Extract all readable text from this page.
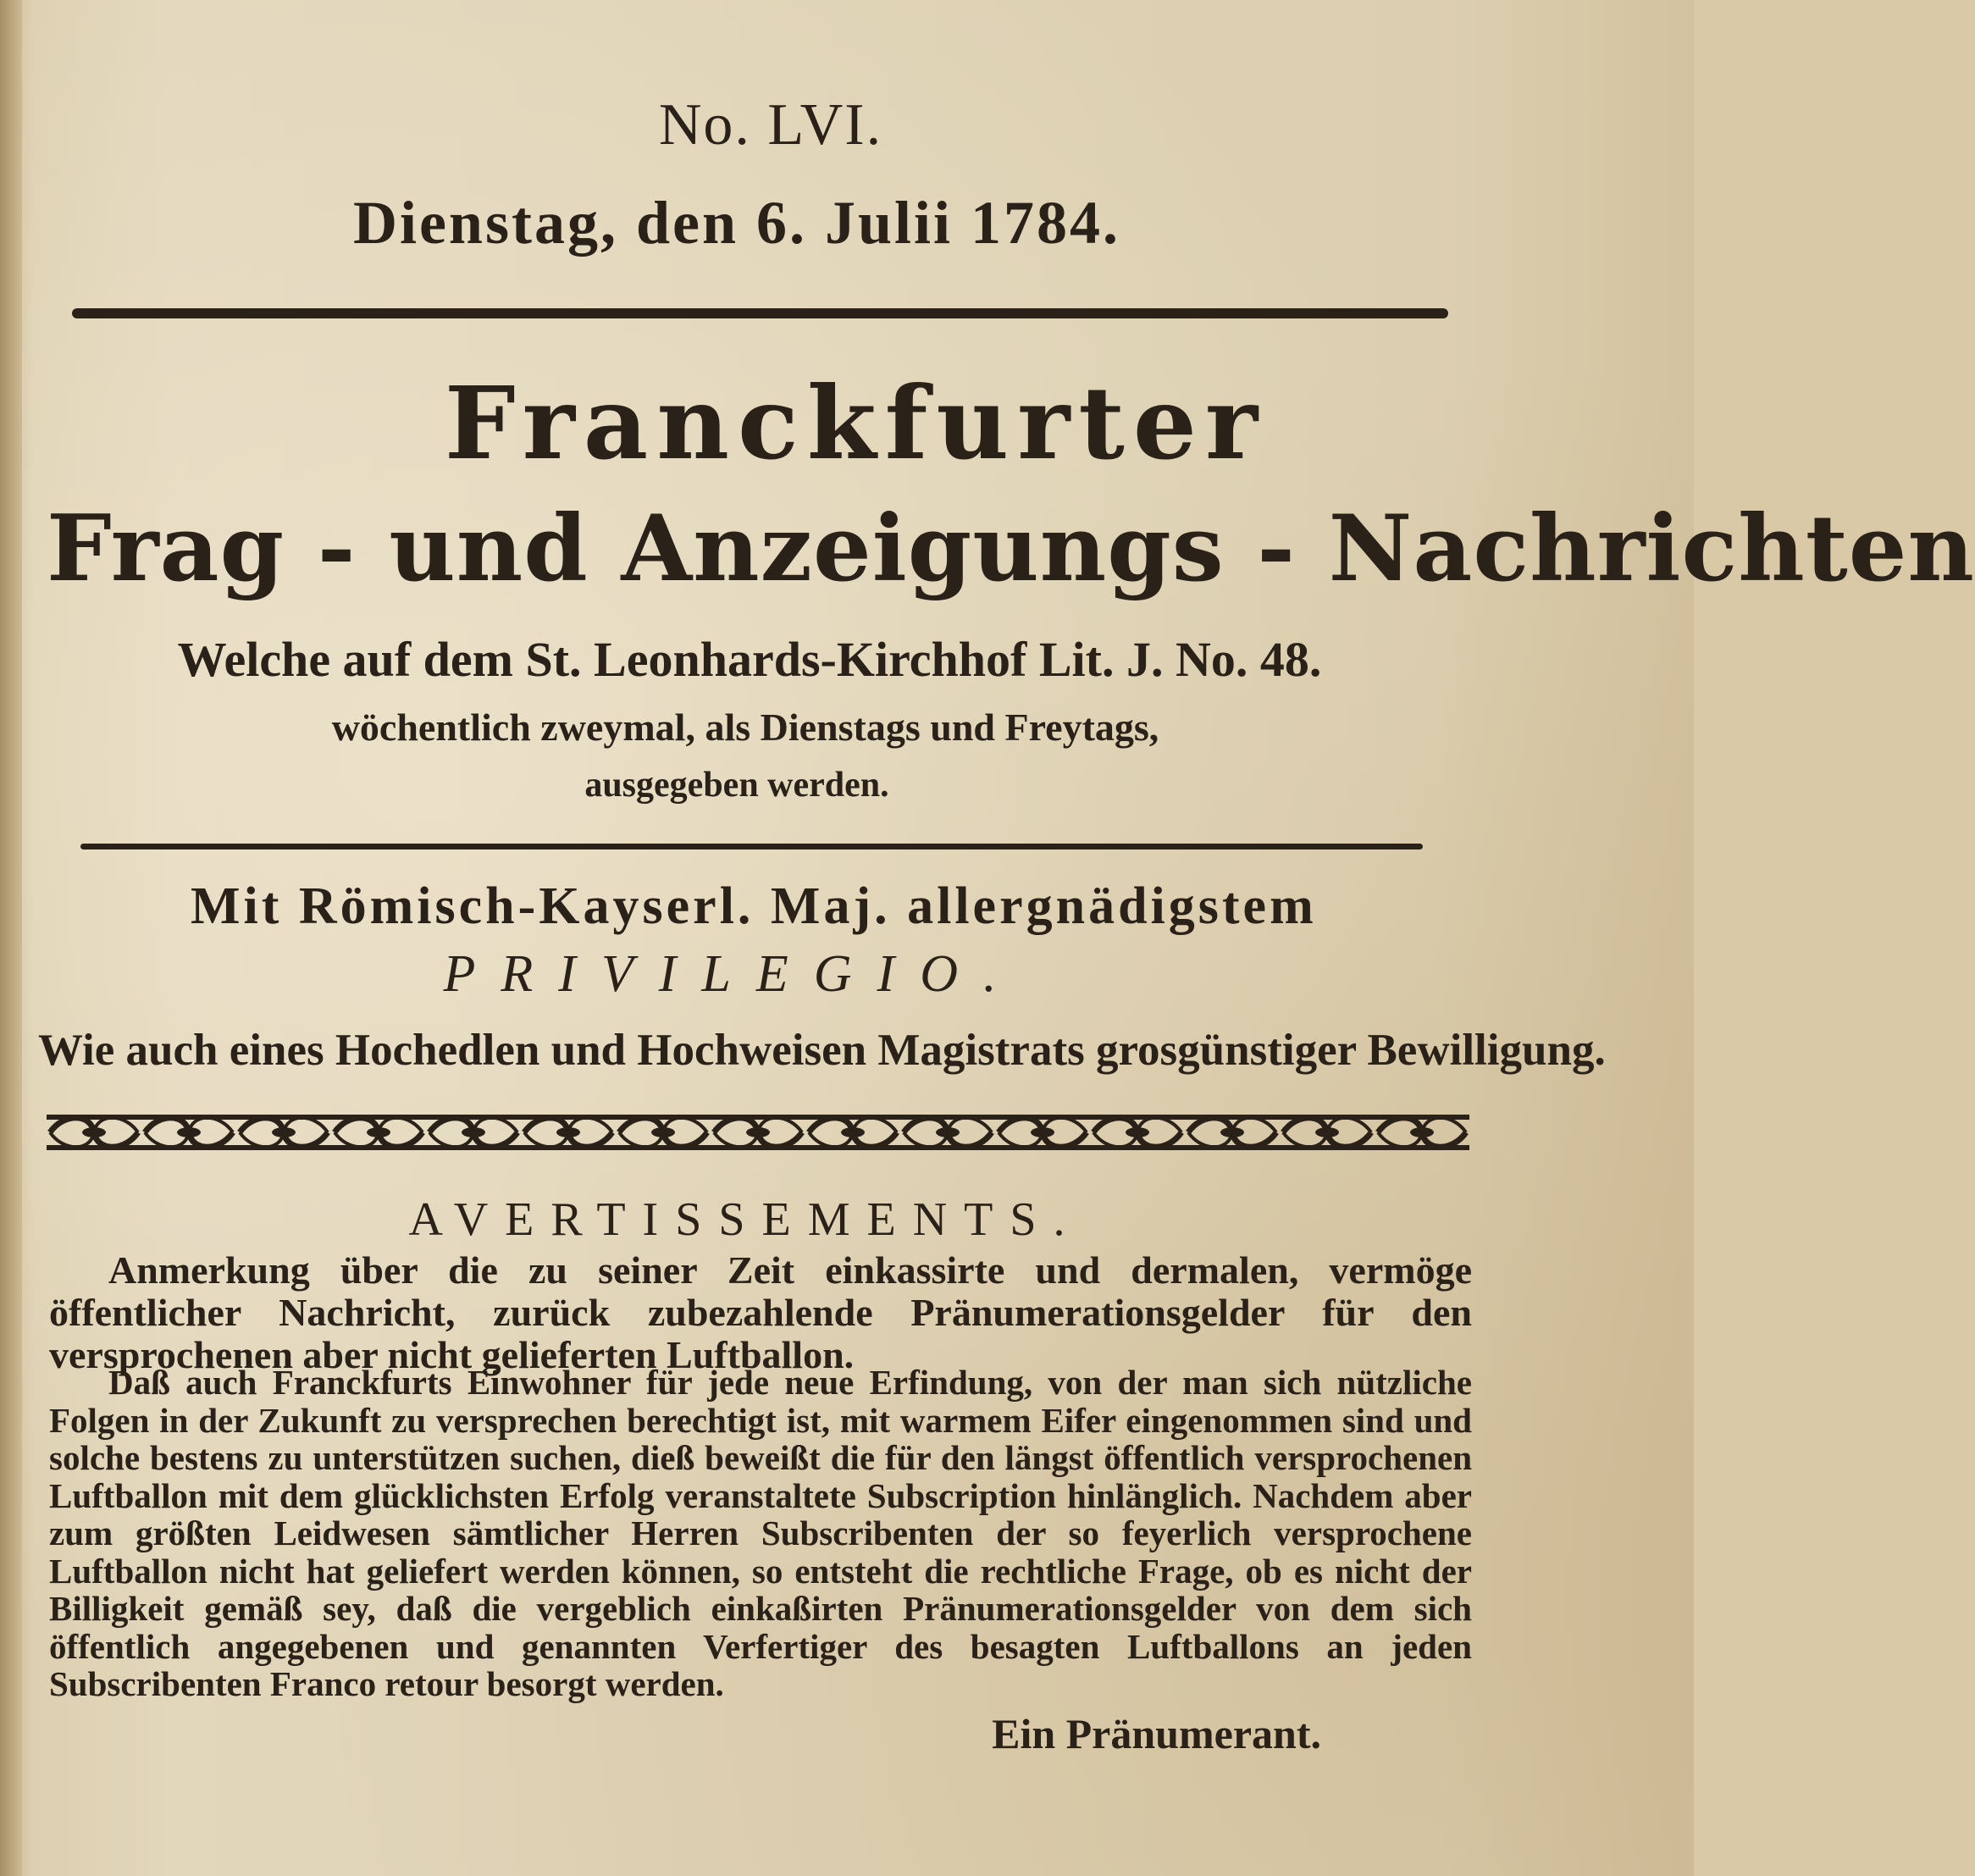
No. LVI.
Dienstag, den 6. Julii 1784.
Franckfurter
Frag - und Anzeigungs - Nachrichten
Welche auf dem St. Leonhards-Kirchhof Lit. J. No. 48.
wöchentlich zweymal, als Dienstags und Freytags,
ausgegeben werden.
Mit Römisch-Kayserl. Maj. allergnädigstem
PRIVILEGIO.
Wie auch eines Hochedlen und Hochweisen Magistrats grosgünstiger Bewilligung.
AVERTISSEMENTS.
Anmerkung über die zu seiner Zeit einkassirte und dermalen, vermöge öffentlicher Nachricht, zurück zubezahlende Pränumerationsgelder für den versprochenen aber nicht gelieferten Luftballon.
Daß auch Franckfurts Einwohner für jede neue Erfindung, von der man sich nützliche Folgen in der Zukunft zu versprechen berechtigt ist, mit warmem Eifer eingenommen sind und solche bestens zu unterstützen suchen, dieß beweißt die für den längst öffentlich versprochenen Luftballon mit dem glücklichsten Erfolg veranstaltete Subscription hinlänglich. Nachdem aber zum größten Leidwesen sämtlicher Herren Subscribenten der so feyerlich versprochene Luftballon nicht hat geliefert werden können, so entsteht die rechtliche Frage, ob es nicht der Billigkeit gemäß sey, daß die vergeblich einkaßirten Pränumerationsgelder von dem sich öffentlich angegebenen und genannten Verfertiger des besagten Luftballons an jeden Subscribenten Franco retour besorgt werden.
Ein Pränumerant.
